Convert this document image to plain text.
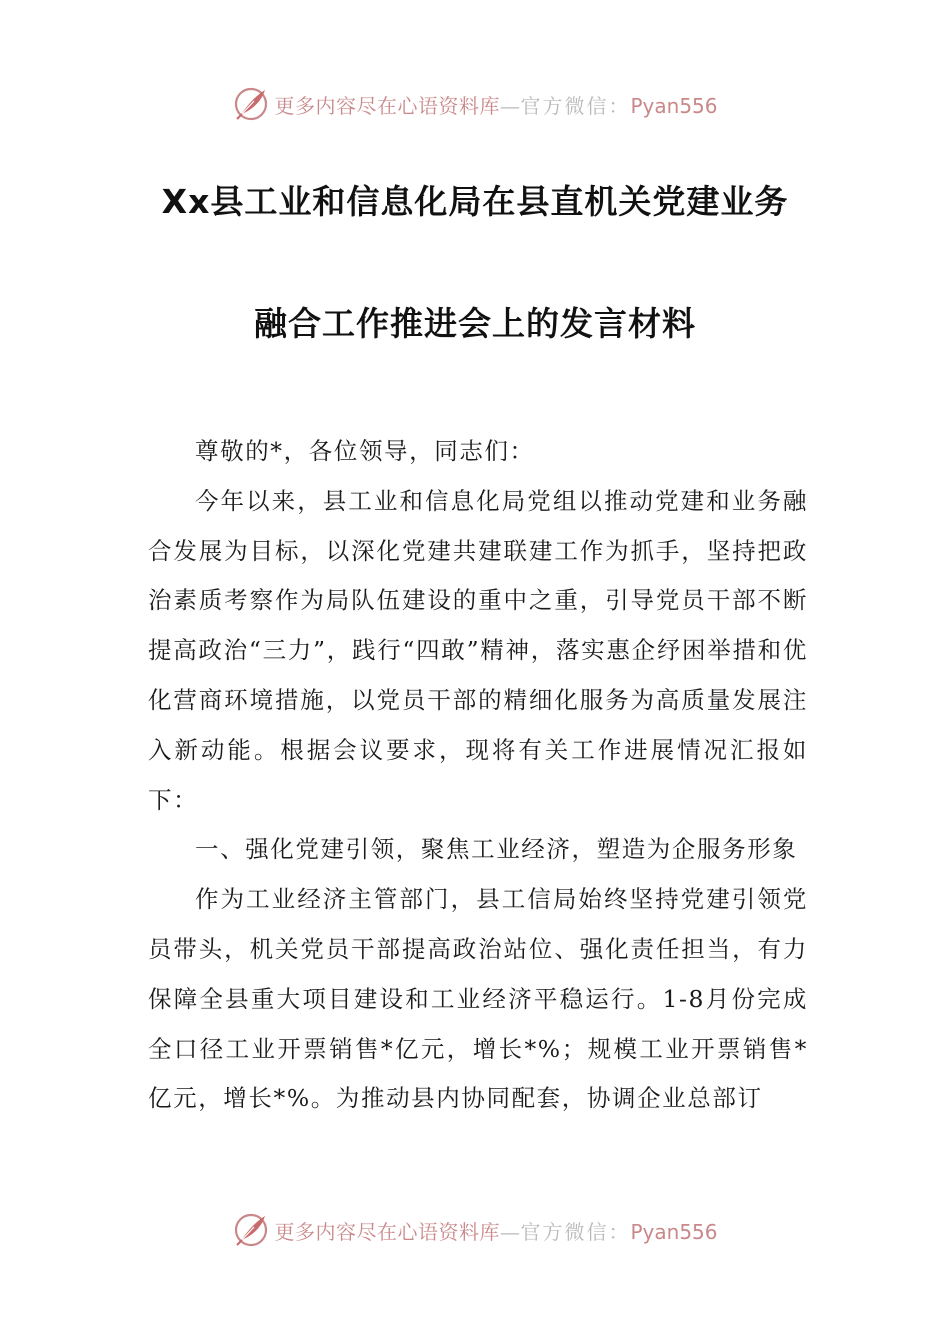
更多内容尽在心语资料库—官方微信：Pyan556
Xx县工业和信息化局在县直机关党建业务
融合工作推进会上的发言材料

尊敬的*，各位领导，同志们：

今年以来，县工业和信息化局党组以推动党建和业务融合发展为目标，以深化党建共建联建工作为抓手，坚持把政治素质考察作为局队伍建设的重中之重，引导党员干部不断提高政治“三力”，践行“四敢”精神，落实惠企纾困举措和优化营商环境措施，以党员干部的精细化服务为高质量发展注入新动能。根据会议要求，现将有关工作进展情况汇报如下：

一、强化党建引领，聚焦工业经济，塑造为企服务形象

作为工业经济主管部门，县工信局始终坚持党建引领党员带头，机关党员干部提高政治站位、强化责任担当，有力保障全县重大项目建设和工业经济平稳运行。1-8月份完成全口径工业开票销售*亿元，增长*%；规模工业开票销售*亿元，增长*%。为推动县内协同配套，协调企业总部订

更多内容尽在心语资料库—官方微信：Pyan556
